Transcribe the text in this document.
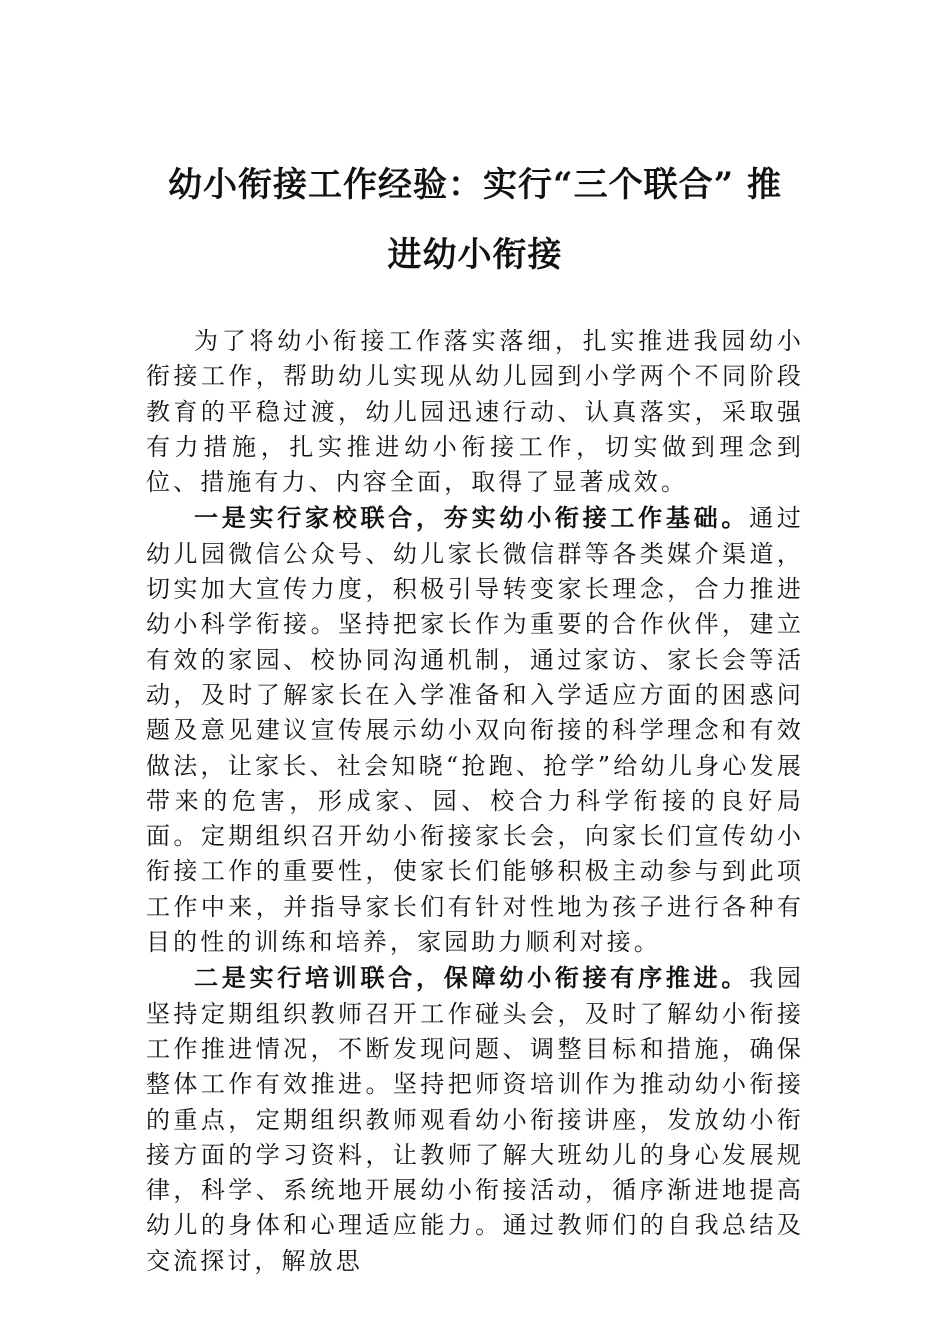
幼小衔接工作经验：实行“三个联合” 推
进幼小衔接

为了将幼小衔接工作落实落细，扎实推进我园幼小衔接工作，帮助幼儿实现从幼儿园到小学两个不同阶段教育的平稳过渡，幼儿园迅速行动、认真落实，采取强有力措施，扎实推进幼小衔接工作，切实做到理念到位、措施有力、内容全面，取得了显著成效。

一是实行家校联合，夯实幼小衔接工作基础。通过幼儿园微信公众号、幼儿家长微信群等各类媒介渠道，切实加大宣传力度，积极引导转变家长理念，合力推进幼小科学衔接。坚持把家长作为重要的合作伙伴，建立有效的家园、校协同沟通机制，通过家访、家长会等活动，及时了解家长在入学准备和入学适应方面的困惑问题及意见建议宣传展示幼小双向衔接的科学理念和有效做法，让家长、社会知晓“抢跑、抢学”给幼儿身心发展带来的危害，形成家、园、校合力科学衔接的良好局面。定期组织召开幼小衔接家长会，向家长们宣传幼小衔接工作的重要性，使家长们能够积极主动参与到此项工作中来，并指导家长们有针对性地为孩子进行各种有目的性的训练和培养，家园助力顺利对接。

二是实行培训联合，保障幼小衔接有序推进。我园坚持定期组织教师召开工作碰头会，及时了解幼小衔接工作推进情况，不断发现问题、调整目标和措施，确保整体工作有效推进。坚持把师资培训作为推动幼小衔接的重点，定期组织教师观看幼小衔接讲座，发放幼小衔接方面的学习资料，让教师了解大班幼儿的身心发展规律，科学、系统地开展幼小衔接活动，循序渐进地提高幼儿的身体和心理适应能力。通过教师们的自我总结及交流探讨，解放思
